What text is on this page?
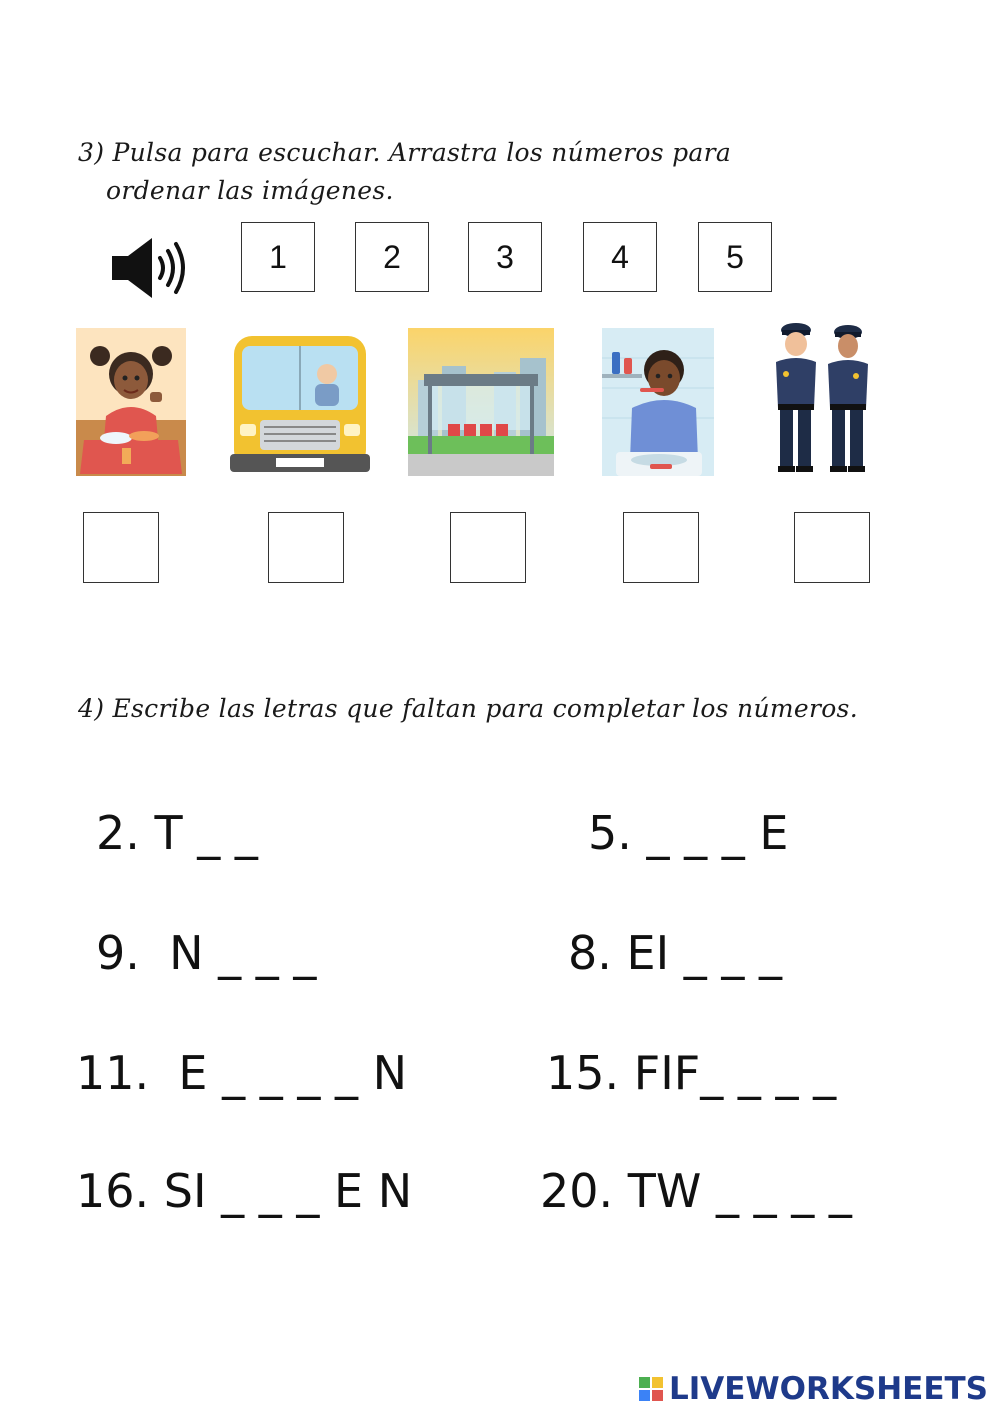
3) Pulsa para escuchar. Arrastra los números para
ordenar las imágenes.
1	2	3	4	5
4) Escribe las letras que faltan para completar los números.
2. T _ _	5. _ _ _ E
9.  N _ _ _	8. EI _ _ _
11.  E _ _ _ _ N	15. FIF_ _ _ _
16. SI _ _ _ E N	20. TW _ _ _ _
LIVEWORKSHEETS
